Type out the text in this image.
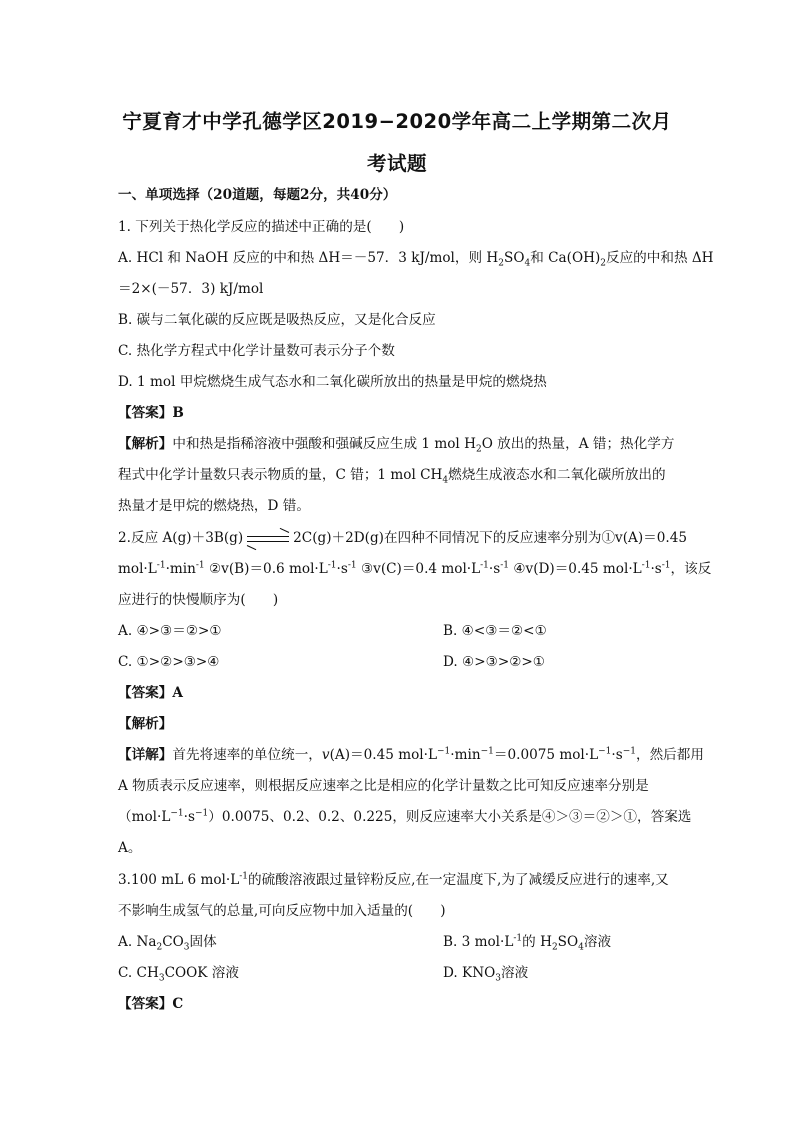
宁夏育才中学孔德学区2019−2020学年高二上学期第二次月
考试题
一、单项选择（20道题，每题2分，共40分）
1. 下列关于热化学反应的描述中正确的是(　　)
A. HCl 和 NaOH 反应的中和热 ΔH＝－57．3 kJ/mol，则 $H_2SO_4$和 $Ca(OH)_2$反应的中和热 ΔH
＝2×(－57．3) kJ/mol
B. 碳与二氧化碳的反应既是吸热反应，又是化合反应
C. 热化学方程式中化学计量数可表示分子个数
D. 1 mol 甲烷燃烧生成气态水和二氧化碳所放出的热量是甲烷的燃烧热
【答案】B
【解析】中和热是指稀溶液中强酸和强碱反应生成 1 mol $H_2O$ 放出的热量，A 错；热化学方
程式中化学计量数只表示物质的量，C 错；1 mol $CH_4$燃烧生成液态水和二氧化碳所放出的
热量才是甲烷的燃烧热，D 错。
2.反应 A(g)＋3B(g)	2C(g)＋2D(g)在四种不同情况下的反应速率分别为①v(A)＝0.45
$mol\cdot L^{-1}\cdot\min^{-1}$ ②v(B)＝0.6 $mol\cdot L^{-1}\cdot s^{-1}$ ③v(C)＝0.4 $mol\cdot L^{-1}\cdot s^{-1}$ ④v(D)＝0.45 $mol\cdot L^{-1}\cdot s^{-1}$，该反
应进行的快慢顺序为(　　)
A. ④>③＝②>①	B. ④<③＝②<①
C. ①>②>③>④	D. ④>③>②>①
【答案】A
【解析】
【详解】首先将速率的单位统一，v(A)＝0.45 $mol\cdot L^{-1}\cdot\min^{-1}=0.0075$ $mol\cdot L^{-1}\cdot s^{-1}$，然后都用
A 物质表示反应速率，则根据反应速率之比是相应的化学计量数之比可知反应速率分别是
$(mol\cdot L^{-1}\cdot s^{-1})0.0075$、0.2、0.2、0.225，则反应速率大小关系是④＞③＝②＞①，答案选
A。
3.100 mL 6 $mol\cdot L^{-1}$的硫酸溶液跟过量锌粉反应,在一定温度下,为了减缓反应进行的速率,又
不影响生成氢气的总量,可向反应物中加入适量的(　　)
A. $Na_2CO_3$固体	B. 3 $mol\cdot L^{-1}$的 $H_2SO_4$溶液
C. $CH_3COOK$ 溶液	D. $KNO_3$溶液
【答案】C
